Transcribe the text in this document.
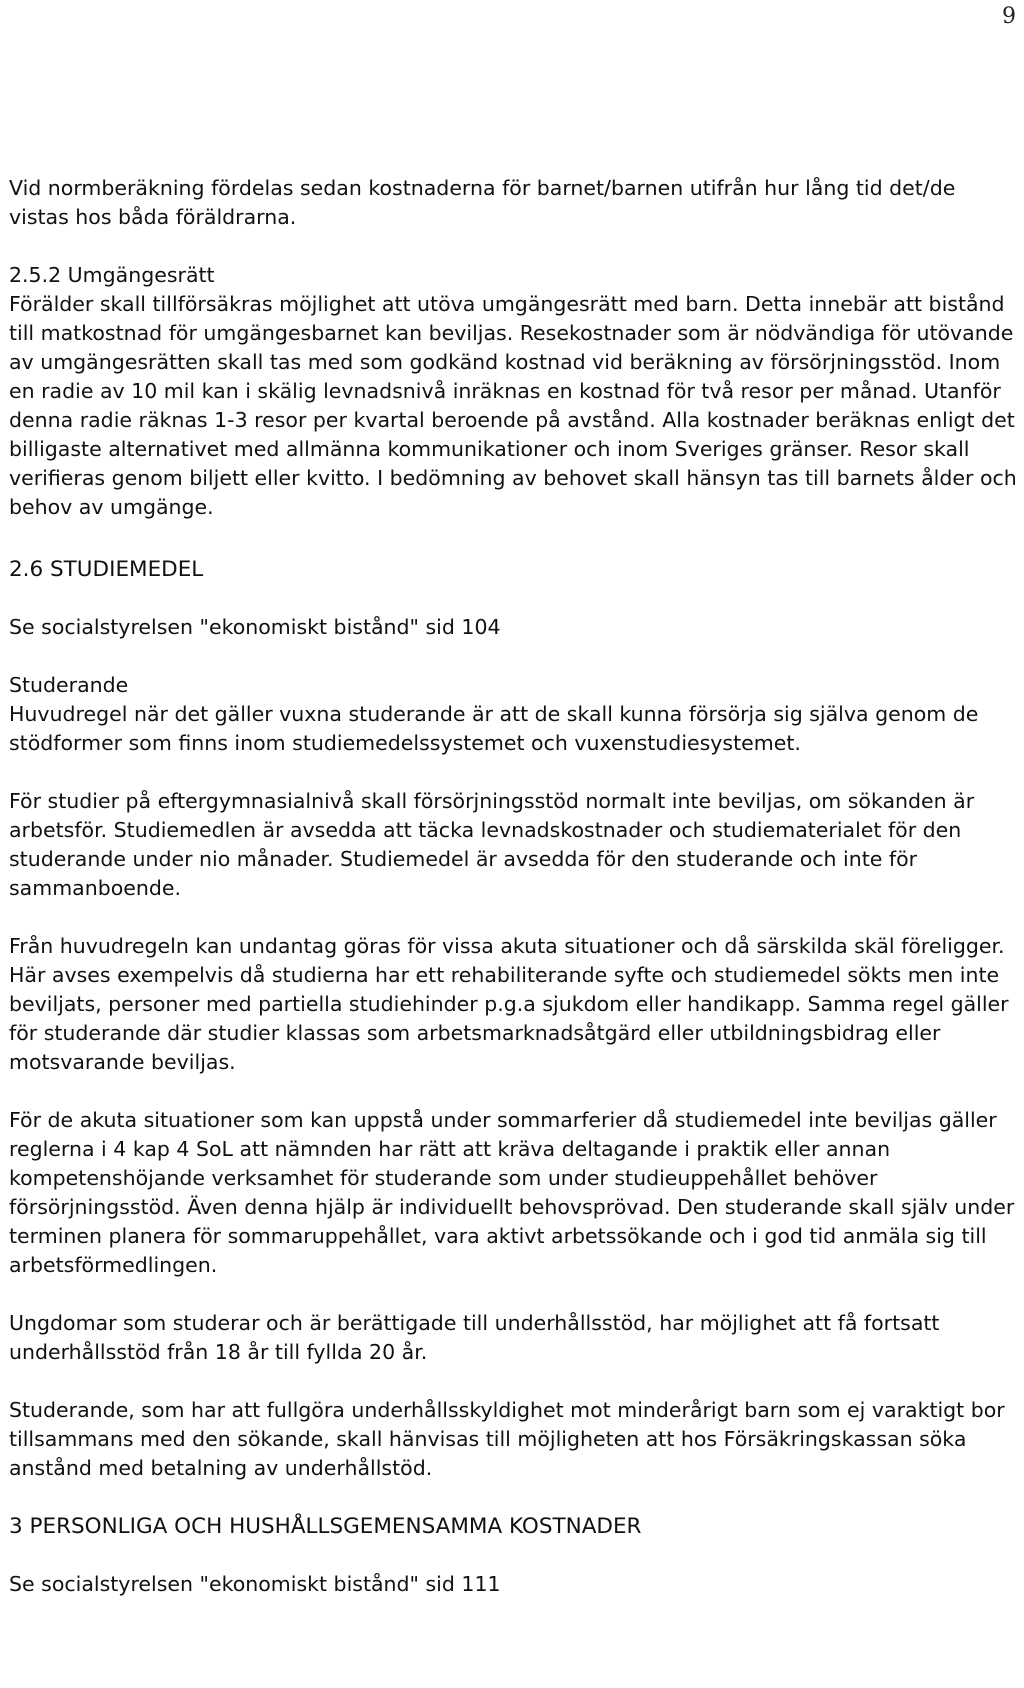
9

Vid normberäkning fördelas sedan kostnaderna för barnet/barnen utifrån hur lång tid det/de vistas hos båda föräldrarna.

2.5.2 Umgängesrätt

Förälder skall tillförsäkras möjlighet att utöva umgängesrätt med barn. Detta innebär att bistånd till matkostnad för umgängesbarnet kan beviljas. Resekostnader som är nödvändiga för utövande av umgängesrätten skall tas med som godkänd kostnad vid beräkning av försörjningsstöd. Inom en radie av 10 mil kan i skälig levnadsnivå inräknas en kostnad för två resor per månad. Utanför denna radie räknas 1-3 resor per kvartal beroende på avstånd. Alla kostnader beräknas enligt det billigaste alternativet med allmänna kommunikationer och inom Sveriges gränser. Resor skall verifieras genom biljett eller kvitto. I bedömning av behovet skall hänsyn tas till barnets ålder och behov av umgänge.

2.6 STUDIEMEDEL

Se socialstyrelsen "ekonomiskt bistånd" sid 104

Studerande

Huvudregel när det gäller vuxna studerande är att de skall kunna försörja sig själva genom de stödformer som finns inom studiemedelssystemet och vuxenstudiesystemet.

För studier på eftergymnasialnivå skall försörjningsstöd normalt inte beviljas, om sökanden är arbetsför. Studiemedlen är avsedda att täcka levnadskostnader och studiematerialet för den studerande under nio månader. Studiemedel är avsedda för den studerande och inte för sammanboende.

Från huvudregeln kan undantag göras för vissa akuta situationer och då särskilda skäl föreligger. Här avses exempelvis då studierna har ett rehabiliterande syfte och studiemedel sökts men inte beviljats, personer med partiella studiehinder p.g.a sjukdom eller handikapp. Samma regel gäller för studerande där studier klassas som arbetsmarknadsåtgärd eller utbildningsbidrag eller motsvarande beviljas.

För de akuta situationer som kan uppstå under sommarferier då studiemedel inte beviljas gäller reglerna i 4 kap 4 SoL att nämnden har rätt att kräva deltagande i praktik eller annan kompetenshöjande verksamhet för studerande som under studieuppehållet behöver försörjningsstöd. Även denna hjälp är individuellt behovsprövad. Den studerande skall själv under terminen planera för sommaruppehållet, vara aktivt arbetssökande och i god tid anmäla sig till arbetsförmedlingen.

Ungdomar som studerar och är berättigade till underhållsstöd, har möjlighet att få fortsatt underhållsstöd från 18 år till fyllda 20 år.

Studerande, som har att fullgöra underhållsskyldighet mot minderårigt barn som ej varaktigt bor tillsammans med den sökande, skall hänvisas till möjligheten att hos Försäkringskassan söka anstånd med betalning av underhållstöd.

3 PERSONLIGA OCH HUSHÅLLSGEMENSAMMA KOSTNADER

Se socialstyrelsen "ekonomiskt bistånd" sid 111
